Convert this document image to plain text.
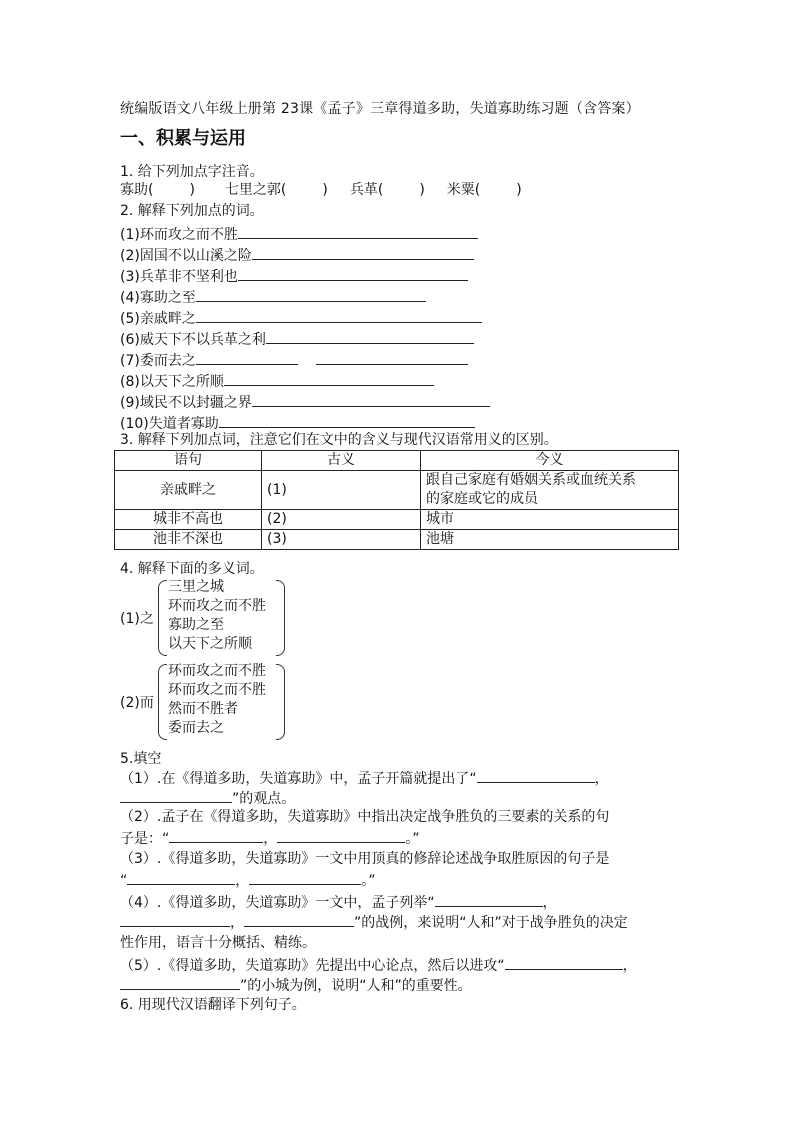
统编版语文八年级上册第 23课《孟子》三章得道多助，失道寡助练习题（含答案）
一、积累与运用
1. 给下列加点字注音。
寡助(	) 七里之郭(	) 兵革(	) 米粟(	)
2. 解释下列加点的词。
(1)环而攻之而不胜
(2)固国不以山溪之险
(3)兵革非不坚利也
(4)寡助之至
(5)亲戚畔之
(6)威天下不以兵革之利
(7)委而去之
(8)以天下之所顺
(9)域民不以封疆之界
(10)失道者寡助
3. 解释下列加点词，注意它们在文中的含义与现代汉语常用义的区别。
语句	古义	今义
亲戚畔之	(1)	跟自己家庭有婚姻关系或血统关系
的家庭或它的成员
城非不高也	(2)	城市
池非不深也	(3)	池塘
4. 解释下面的多义词。
(1)之
三里之城
环而攻之而不胜
寡助之至
以天下之所顺
(2)而
环而攻之而不胜
环而攻之而不胜
然而不胜者
委而去之
5.填空
（1）.在《得道多助，失道寡助》中，孟子开篇就提出了“	，
”的观点。
（2）.孟子在《得道多助，失道寡助》中指出决定战争胜负的三要素的关系的句
子是：“	，	。”
（3）.《得道多助，失道寡助》一文中用顶真的修辞论述战争取胜原因的句子是
“	，	。”
（4）.《得道多助，失道寡助》一文中，孟子列举“	，
，	”的战例，来说明“人和”对于战争胜负的决定
性作用，语言十分概括、精练。
（5）.《得道多助，失道寡助》先提出中心论点，然后以进攻“	，
”的小城为例，说明“人和”的重要性。
6. 用现代汉语翻译下列句子。
